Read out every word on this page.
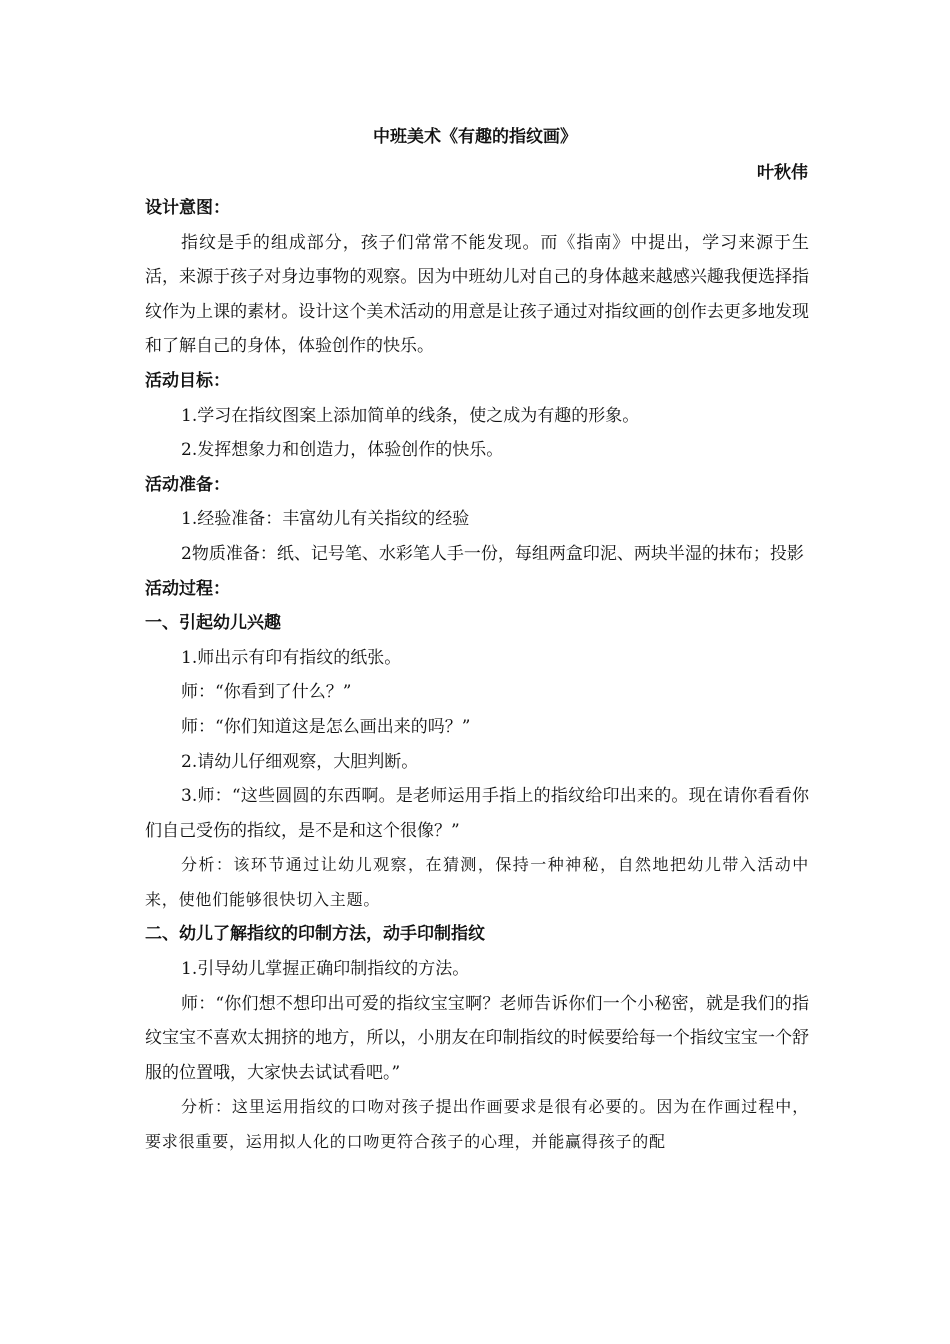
中班美术《有趣的指纹画》
叶秋伟

设计意图：

指纹是手的组成部分，孩子们常常不能发现。而《指南》中提出，学习来源于生活，来源于孩子对身边事物的观察。因为中班幼儿对自己的身体越来越感兴趣我便选择指纹作为上课的素材。设计这个美术活动的用意是让孩子通过对指纹画的创作去更多地发现和了解自己的身体，体验创作的快乐。

活动目标：

1.学习在指纹图案上添加简单的线条，使之成为有趣的形象。

2.发挥想象力和创造力，体验创作的快乐。

活动准备：

1.经验准备：丰富幼儿有关指纹的经验

2物质准备：纸、记号笔、水彩笔人手一份，每组两盒印泥、两块半湿的抹布；投影

活动过程：

一、引起幼儿兴趣

1.师出示有印有指纹的纸张。

师：“你看到了什么？”

师：“你们知道这是怎么画出来的吗？”

2.请幼儿仔细观察，大胆判断。

3.师：“这些圆圆的东西啊。是老师运用手指上的指纹给印出来的。现在请你看看你们自己受伤的指纹，是不是和这个很像？”

分析：该环节通过让幼儿观察，在猜测，保持一种神秘，自然地把幼儿带入活动中来，使他们能够很快切入主题。

二、幼儿了解指纹的印制方法，动手印制指纹

1.引导幼儿掌握正确印制指纹的方法。

师：“你们想不想印出可爱的指纹宝宝啊？老师告诉你们一个小秘密，就是我们的指纹宝宝不喜欢太拥挤的地方，所以，小朋友在印制指纹的时候要给每一个指纹宝宝一个舒服的位置哦，大家快去试试看吧。”

分析：这里运用指纹的口吻对孩子提出作画要求是很有必要的。因为在作画过程中，要求很重要，运用拟人化的口吻更符合孩子的心理，并能赢得孩子的配
